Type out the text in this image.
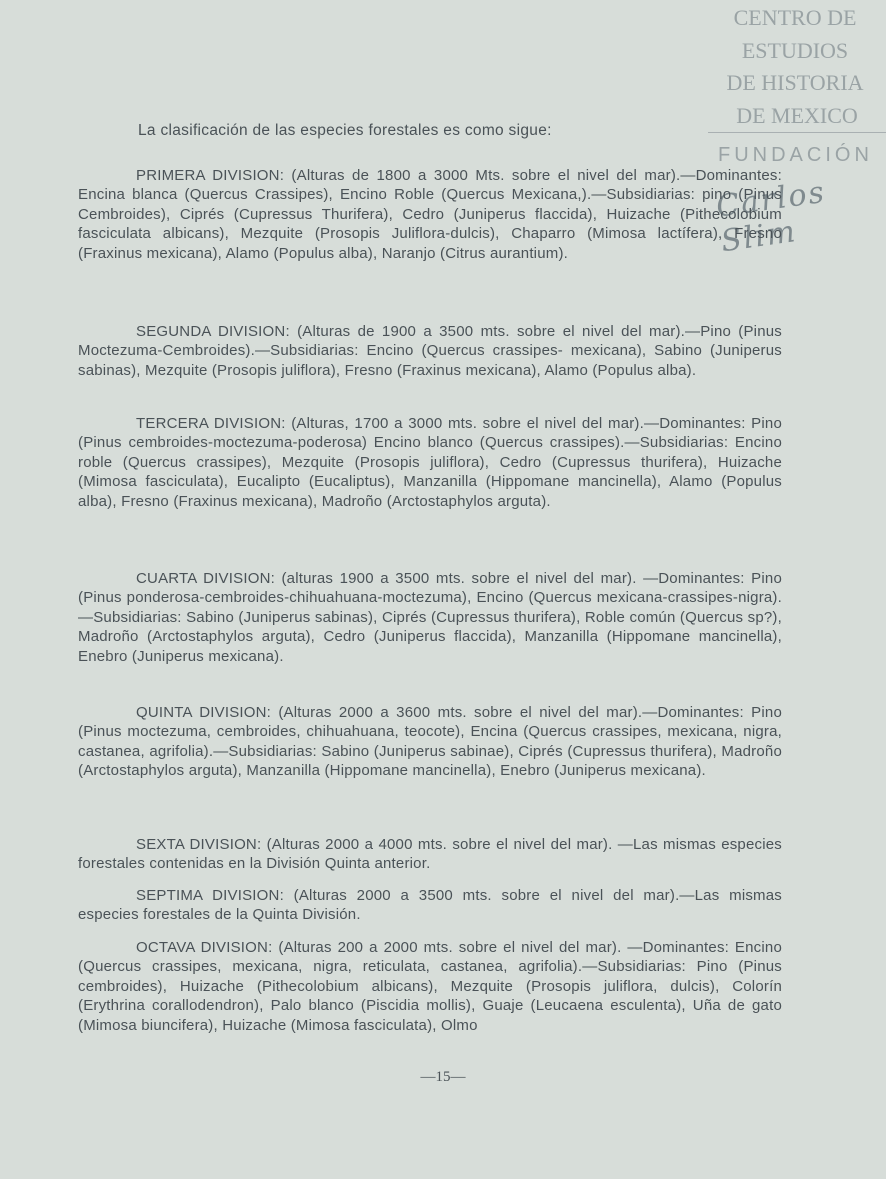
CENTRO DE
ESTUDIOS
DE HISTORIA
DE MEXICO
FUNDACIÓN
Carlos Slim
La clasificación de las especies forestales es como sigue:
PRIMERA DIVISION: (Alturas de 1800 a 3000 Mts. sobre el nivel del mar).—Dominantes: Encina blanca (Quercus Crassipes), Encino Roble (Quercus Mexicana,).—Subsidiarias: pino (Pinus Cembroides), Ciprés (Cupressus Thurifera), Cedro (Juniperus flaccida), Huizache (Pithecolobium fasciculata albicans), Mezquite (Prosopis Juliflora-dulcis), Chaparro (Mimosa lactífera), Fresno (Fraxinus mexicana), Alamo (Populus alba), Naranjo (Citrus aurantium).
SEGUNDA DIVISION: (Alturas de 1900 a 3500 mts. sobre el nivel del mar).—Pino (Pinus Moctezuma-Cembroides).—Subsidiarias: Encino (Quercus crassipes- mexicana), Sabino (Juniperus sabinas), Mezquite (Prosopis juliflora), Fresno (Fraxinus mexicana), Alamo (Populus alba).
TERCERA DIVISION: (Alturas, 1700 a 3000 mts. sobre el nivel del mar).—Dominantes: Pino (Pinus cembroides-moctezuma-poderosa) Encino blanco (Quercus crassipes).—Subsidiarias: Encino roble (Quercus crassipes), Mezquite (Prosopis juliflora), Cedro (Cupressus thurifera), Huizache (Mimosa fasciculata), Eucalipto (Eucaliptus), Manzanilla (Hippomane mancinella), Alamo (Populus alba), Fresno (Fraxinus mexicana), Madroño (Arctostaphylos arguta).
CUARTA DIVISION: (alturas 1900 a 3500 mts. sobre el nivel del mar). —Dominantes: Pino (Pinus ponderosa-cembroides-chihuahuana-moctezuma), Encino (Quercus mexicana-crassipes-nigra).—Subsidiarias: Sabino (Juniperus sabinas), Ciprés (Cupressus thurifera), Roble común (Quercus sp?), Madroño (Arctostaphylos arguta), Cedro (Juniperus flaccida), Manzanilla (Hippomane mancinella), Enebro (Juniperus mexicana).
QUINTA DIVISION: (Alturas 2000 a 3600 mts. sobre el nivel del mar).—Dominantes: Pino (Pinus moctezuma, cembroides, chihuahuana, teocote), Encina (Quercus crassipes, mexicana, nigra, castanea, agrifolia).—Subsidiarias: Sabino (Juniperus sabinae), Ciprés (Cupressus thurifera), Madroño (Arctostaphylos arguta), Manzanilla (Hippomane mancinella), Enebro (Juniperus mexicana).
SEXTA DIVISION: (Alturas 2000 a 4000 mts. sobre el nivel del mar). —Las mismas especies forestales contenidas en la División Quinta anterior.
SEPTIMA DIVISION: (Alturas 2000 a 3500 mts. sobre el nivel del mar).—Las mismas especies forestales de la Quinta División.
OCTAVA DIVISION: (Alturas 200 a 2000 mts. sobre el nivel del mar). —Dominantes: Encino (Quercus crassipes, mexicana, nigra, reticulata, castanea, agrifolia).—Subsidiarias: Pino (Pinus cembroides), Huizache (Pithecolobium albicans), Mezquite (Prosopis juliflora, dulcis), Colorín (Erythrina corallodendron), Palo blanco (Piscidia mollis), Guaje (Leucaena esculenta), Uña de gato (Mimosa biuncifera), Huizache (Mimosa fasciculata), Olmo
—15—
